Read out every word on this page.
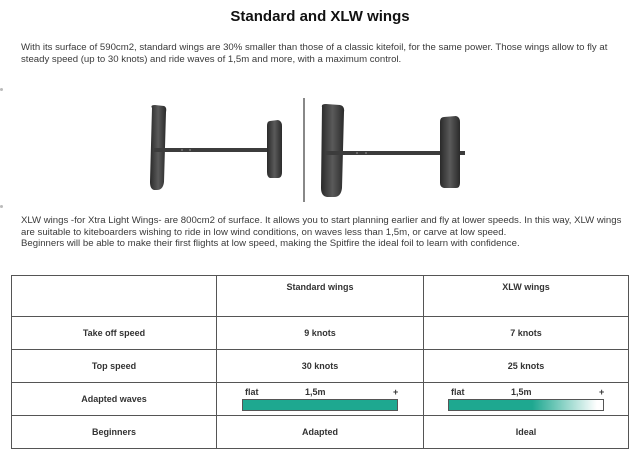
Standard and XLW wings
With its surface of 590cm2, standard wings are 30% smaller than those of a classic kitefoil, for the same power. Those wings allow to fly at steady speed (up to 30 knots) and ride waves of 1,5m and more, with a maximum control.
XLW wings -for Xtra Light Wings- are 800cm2 of surface. It allows you to start planning earlier and fly at lower speeds. In this way, XLW wings are suitable to kiteboarders wishing to ride in low wind conditions, on waves less than 1,5m, or carve at low speed.
Beginners will be able to make their first flights at low speed, making the Spitfire the ideal foil to learn with confidence.
	Standard wings	XLW wings
Take off speed	9 knots	7 knots
Top speed	30 knots	25 knots
Adapted waves	flat 1,5m +	flat 1,5m +

Beginners	Adapted	Ideal
